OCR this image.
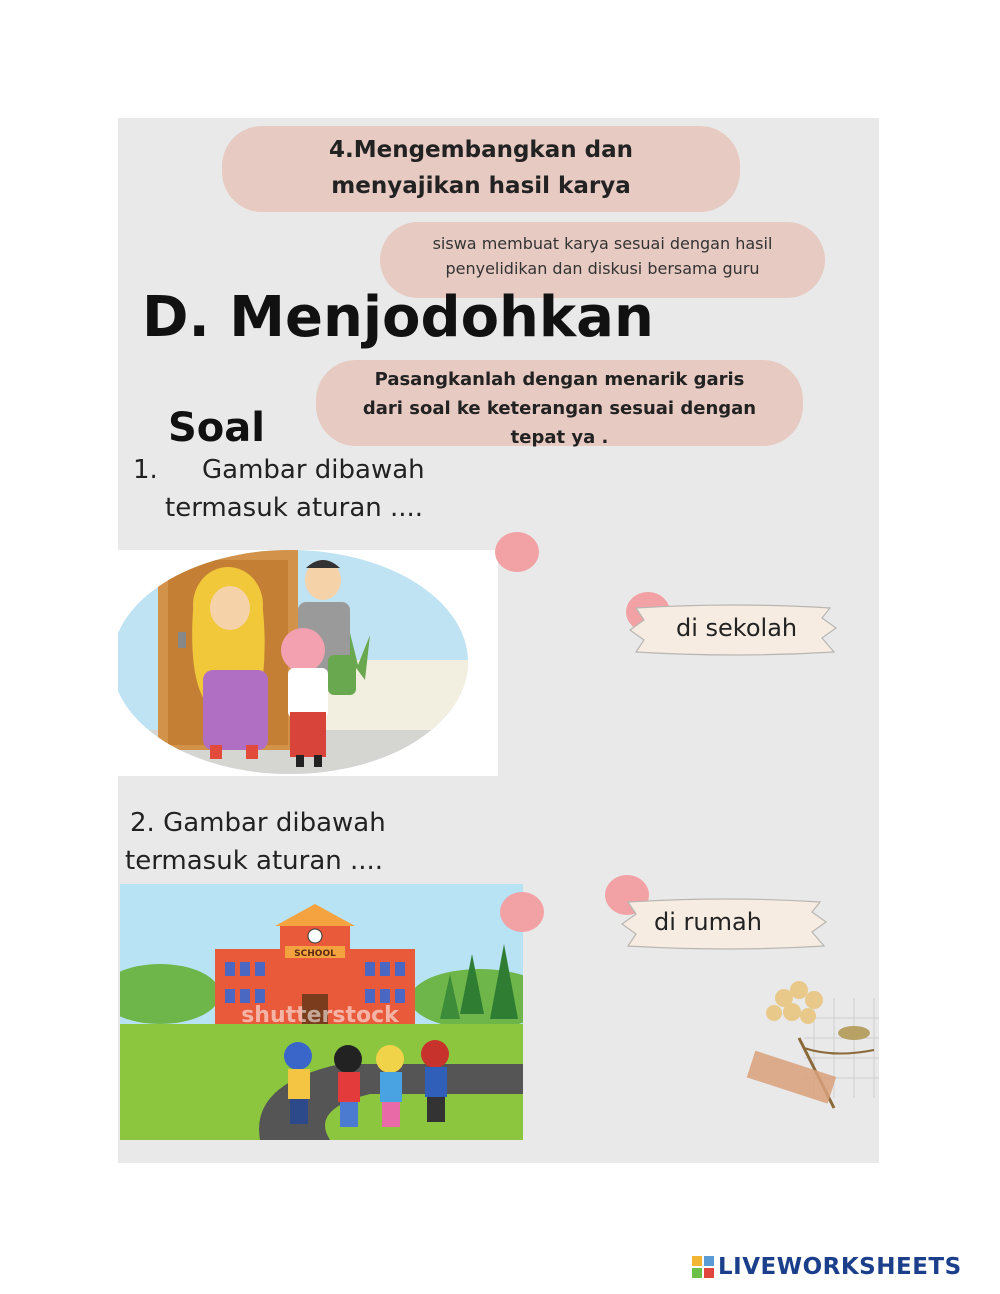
4.Mengembangkan dan
menyajikan hasil karya
siswa membuat karya sesuai dengan hasil
penyelidikan dan diskusi bersama guru
D. Menjodohkan
Pasangkanlah dengan menarik garis
dari soal ke keterangan sesuai dengan
tepat ya .
Soal
1. Gambar dibawah
termasuk aturan ....
di sekolah
2. Gambar dibawah
termasuk aturan ....
SCHOOL
shutterstock
di rumah
LIVEWORKSHEETS
